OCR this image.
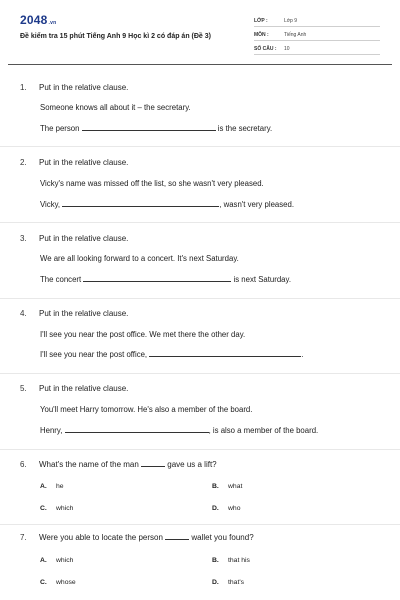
2048.vn
Đề kiểm tra 15 phút Tiếng Anh 9 Học kì 2 có đáp án (Đề 3)
LỚP :	Lớp 9
MÔN :	Tiếng Anh
SỐ CÂU : 10
1.	Put in the relative clause.
Someone knows all about it – the secretary.
The person	is the secretary.
2.	Put in the relative clause.
Vicky's name was missed off the list, so she wasn't very pleased.
Vicky,	, wasn't very pleased.
3.	Put in the relative clause.
We are all looking forward to a concert. It's next Saturday.
The concert	is next Saturday.
4.	Put in the relative clause.
I'll see you near the post office. We met there the other day.
I'll see you near the post office,	.
5.	Put in the relative clause.
You'll meet Harry tomorrow. He's also a member of the board.
Henry,	, is also a member of the board.
6.	What's the name of the man	gave us a lift?
A. he	B. what
C. which	D. who
7.	Were you able to locate the person	wallet you found?
A. which	B. that his
C. whose	D. that's
